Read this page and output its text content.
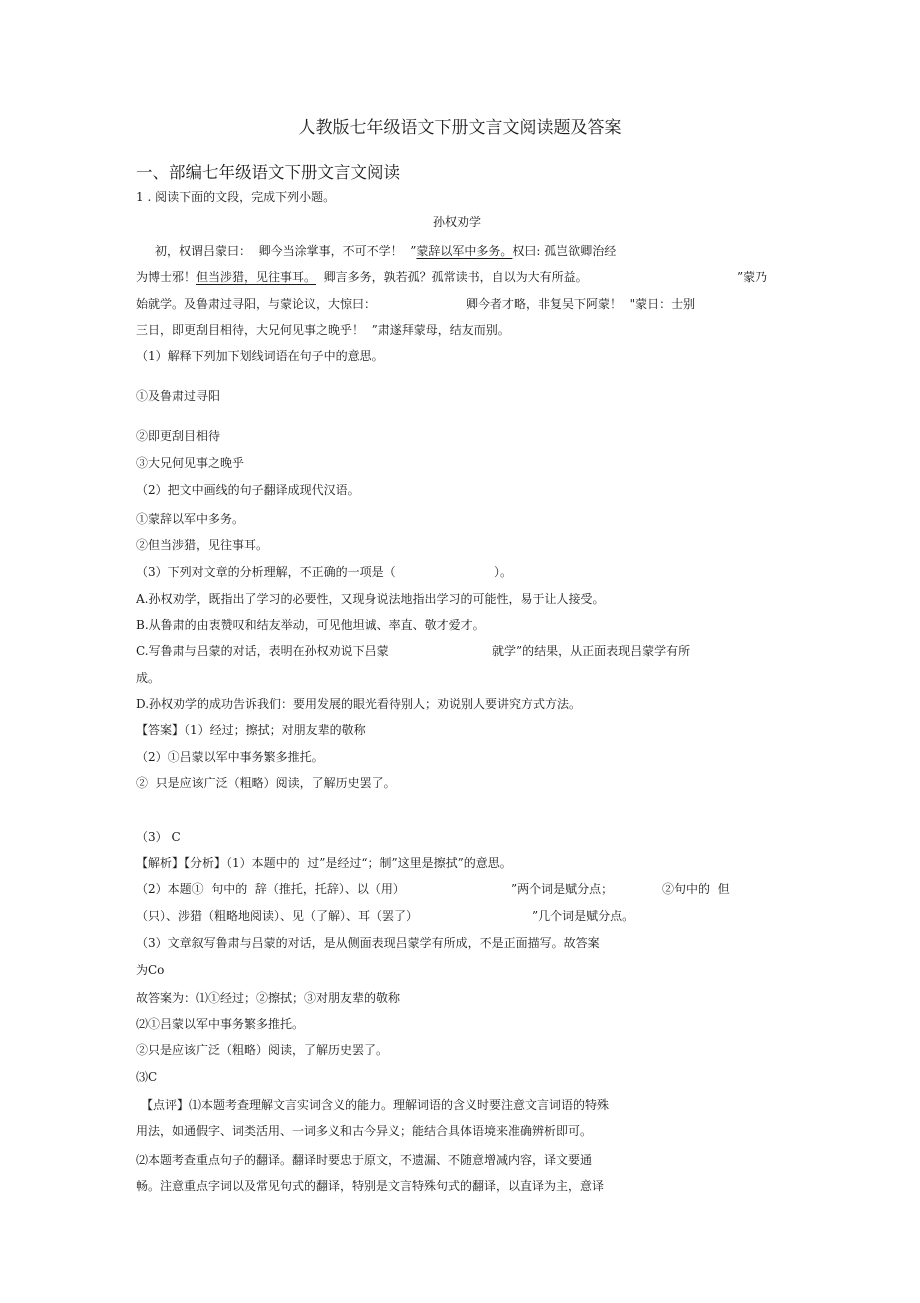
人教版七年级语文下册文言文阅读题及答案
一、部编七年级语文下册文言文阅读
1 . 阅读下面的文段，完成下列小题。
孙权劝学
初，权谓吕蒙曰：  卿今当涂掌事，不可不学！  ”蒙辞以军中多务。权曰: 孤岂欲卿治经
为博士邪！但当涉猎，见往事耳。  卿言多务，孰若孤？孤常读书，自以为大有所益。	”蒙乃
始就学。及鲁肃过寻阳，与蒙论议，大惊曰：	卿今者才略，非复吴下阿蒙！  "蒙日：士别
三日，即更刮目相待，大兄何见事之晚乎！  ”肃遂拜蒙母，结友而别。
（1）解释下列加下划线词语在句子中的意思。
①及鲁肃过寻阳
②即更刮目相待
③大兄何见事之晚乎
（2）把文中画线的句子翻译成现代汉语。
①蒙辞以军中多务。
②但当涉猎，见往事耳。
（3）下列对文章的分析理解，不正确的一项是（	）。
A.孙权劝学，既指出了学习的必要性，又现身说法地指出学习的可能性，易于让人接受。
B.从鲁肃的由衷赞叹和结友举动，可见他坦诚、率直、敬才爱才。
C.写鲁肃与吕蒙的对话，表明在孙权劝说下吕蒙	就学”的结果，从正面表现吕蒙学有所
成。
D.孙权劝学的成功告诉我们：要用发展的眼光看待别人；劝说别人要讲究方式方法。
【答案】（1）经过；擦拭；对朋友辈的敬称
（2）①吕蒙以军中事务繁多推托。
②  只是应该广泛（粗略）阅读，了解历史罢了。
（3） C
【解析】【分析】（1）本题中的  过”是经过“；制”这里是擦拭”的意思。
（2）本题①  句中的  辞（推托，托辞）、以（用）	”两个词是赋分点；	②句中的  但
（只）、涉猎（粗略地阅读）、见（了解）、耳（罢了）	”几个词是赋分点。
（3）文章叙写鲁肃与吕蒙的对话，是从侧面表现吕蒙学有所成，不是正面描写。故答案
为Co
故答案为：⑴①经过；②擦拭；③对朋友辈的敬称
⑵①吕蒙以军中事务繁多推托。
②只是应该广泛（粗略）阅读，了解历史罢了。
⑶C
【点评】⑴本题考查理解文言实词含义的能力。理解词语的含义时要注意文言词语的特殊
用法，如通假字、词类活用、一词多义和古今异义；能结合具体语境来准确辨析即可。
⑵本题考查重点句子的翻译。翻译时要忠于原文，不遗漏、不随意增减内容，译文要通
畅。注意重点字词以及常见句式的翻译，特别是文言特殊句式的翻译，以直译为主，意译
